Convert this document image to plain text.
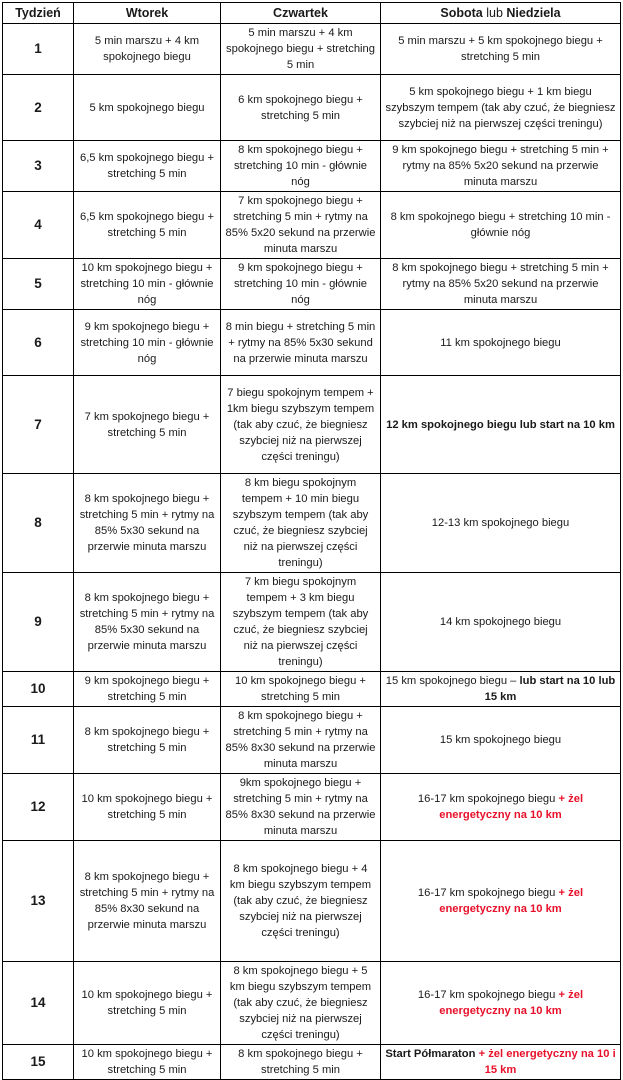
Tydzień	Wtorek	Czwartek	Sobota lub Niedziela
1	5 min marszu + 4 km spokojnego biegu	5 min marszu + 4 km spokojnego biegu + stretching 5 min	5 min marszu + 5 km spokojnego biegu + stretching 5 min
2	5 km spokojnego biegu	6 km spokojnego biegu + stretching 5 min	5 km spokojnego biegu + 1 km biegu szybszym tempem (tak aby czuć, że biegniesz szybciej niż na pierwszej części treningu)
3	6,5 km spokojnego biegu + stretching 5 min	8 km spokojnego biegu + stretching 10 min - głównie nóg	9 km spokojnego biegu + stretching 5 min + rytmy na 85% 5x20 sekund na przerwie minuta marszu
4	6,5 km spokojnego biegu + stretching 5 min	7 km spokojnego biegu + stretching 5 min + rytmy na 85% 5x20 sekund na przerwie minuta marszu	8 km spokojnego biegu + stretching 10 min - głównie nóg
5	10 km spokojnego biegu + stretching 10 min - głównie nóg	9 km spokojnego biegu + stretching 10 min - głównie nóg	8 km spokojnego biegu + stretching 5 min + rytmy na 85% 5x20 sekund na przerwie minuta marszu
6	9 km spokojnego biegu + stretching 10 min - głównie nóg	8 min biegu + stretching 5 min + rytmy na 85% 5x30 sekund na przerwie minuta marszu	11 km spokojnego biegu
7	7 km spokojnego biegu + stretching 5 min	7 biegu spokojnym tempem + 1km biegu szybszym tempem (tak aby czuć, że biegniesz szybciej niż na pierwszej części treningu)	12 km spokojnego biegu lub start na 10 km
8	8 km spokojnego biegu + stretching 5 min + rytmy na 85% 5x30 sekund na przerwie minuta marszu	8 km biegu spokojnym tempem + 10 min biegu szybszym tempem (tak aby czuć, że biegniesz szybciej niż na pierwszej części treningu)	12-13 km spokojnego biegu
9	8 km spokojnego biegu + stretching 5 min + rytmy na 85% 5x30 sekund na przerwie minuta marszu	7 km biegu spokojnym tempem + 3 km biegu szybszym tempem (tak aby czuć, że biegniesz szybciej niż na pierwszej części treningu)	14 km spokojnego biegu
10	9 km spokojnego biegu + stretching 5 min	10 km spokojnego biegu + stretching 5 min	15 km spokojnego biegu – lub start na 10 lub 15 km
11	8 km spokojnego biegu + stretching 5 min	8 km spokojnego biegu + stretching 5 min + rytmy na 85% 8x30 sekund na przerwie minuta marszu	15 km spokojnego biegu
12	10 km spokojnego biegu + stretching 5 min	9km spokojnego biegu + stretching 5 min + rytmy na 85% 8x30 sekund na przerwie minuta marszu	16-17 km spokojnego biegu + żel energetyczny na 10 km
13	8 km spokojnego biegu + stretching 5 min + rytmy na 85% 8x30 sekund na przerwie minuta marszu	8 km spokojnego biegu + 4 km biegu szybszym tempem (tak aby czuć, że biegniesz szybciej niż na pierwszej części treningu)	16-17 km spokojnego biegu + żel energetyczny na 10 km
14	10 km spokojnego biegu + stretching 5 min	8 km spokojnego biegu + 5 km biegu szybszym tempem (tak aby czuć, że biegniesz szybciej niż na pierwszej części treningu)	16-17 km spokojnego biegu + żel energetyczny na 10 km
15	10 km spokojnego biegu + stretching 5 min	8 km spokojnego biegu + stretching 5 min	Start Półmaraton + żel energetyczny na 10 i 15 km
